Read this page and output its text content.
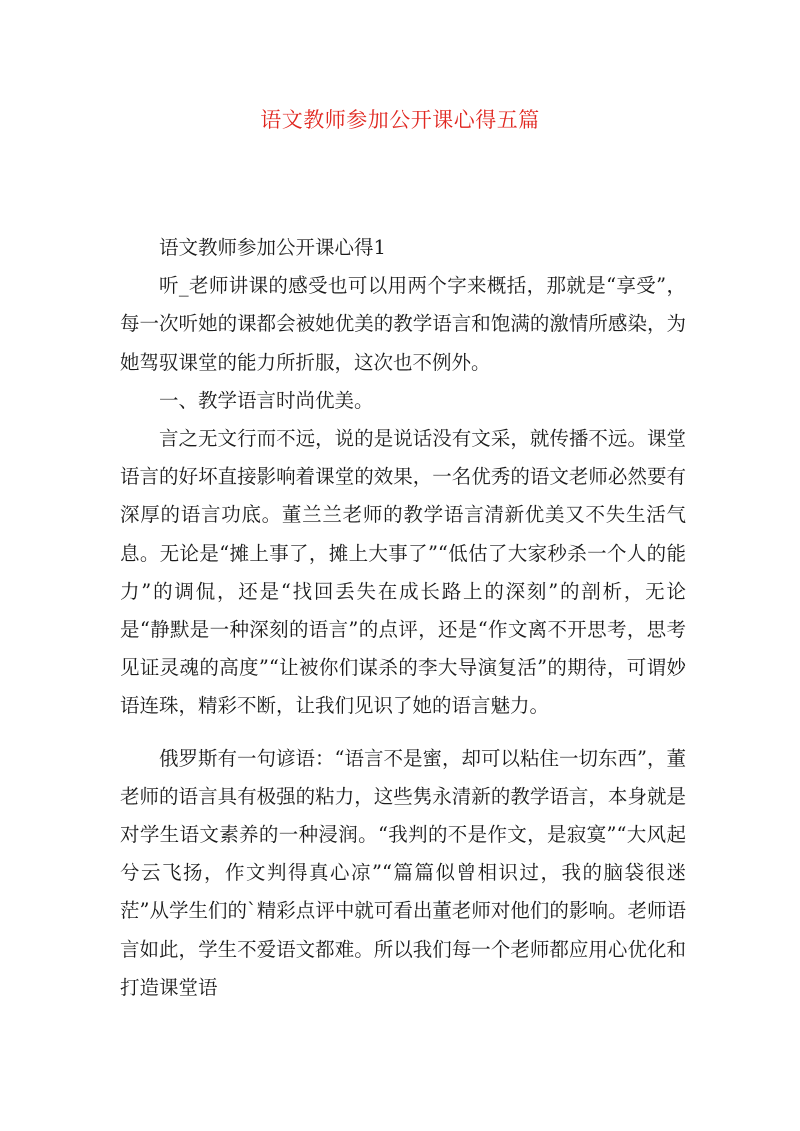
语文教师参加公开课心得五篇

语文教师参加公开课心得1

听_老师讲课的感受也可以用两个字来概括，那就是“享受”，每一次听她的课都会被她优美的教学语言和饱满的激情所感染，为她驾驭课堂的能力所折服，这次也不例外。

一、教学语言时尚优美。

言之无文行而不远，说的是说话没有文采，就传播不远。课堂语言的好坏直接影响着课堂的效果，一名优秀的语文老师必然要有深厚的语言功底。董兰兰老师的教学语言清新优美又不失生活气息。无论是“摊上事了，摊上大事了”“低估了大家秒杀一个人的能力”的调侃，还是“找回丢失在成长路上的深刻”的剖析，无论是“静默是一种深刻的语言”的点评，还是“作文离不开思考，思考见证灵魂的高度”“让被你们谋杀的李大导演复活”的期待，可谓妙语连珠，精彩不断，让我们见识了她的语言魅力。

俄罗斯有一句谚语：“语言不是蜜，却可以粘住一切东西”，董老师的语言具有极强的粘力，这些隽永清新的教学语言，本身就是对学生语文素养的一种浸润。“我判的不是作文，是寂寞”“大风起兮云飞扬，作文判得真心凉”“篇篇似曾相识过，我的脑袋很迷茫”从学生们的`精彩点评中就可看出董老师对他们的影响。老师语言如此，学生不爱语文都难。所以我们每一个老师都应用心优化和打造课堂语
